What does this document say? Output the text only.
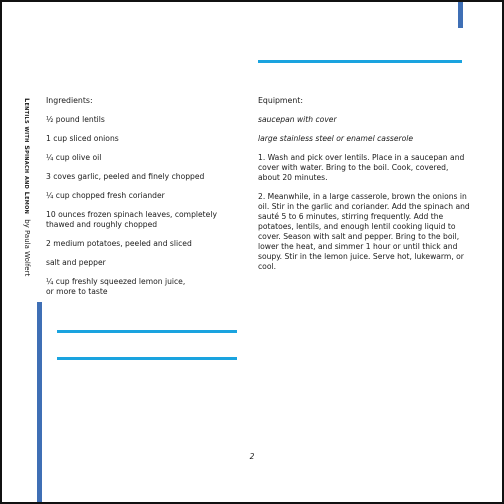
Lentils with Spinach and Lemon by Paula Wolfert
Ingredients:
½ pound lentils
1 cup sliced onions
¼ cup olive oil
3 coves garlic, peeled and finely chopped
¼ cup chopped fresh coriander
10 ounces frozen spinach leaves, completely thawed and roughly chopped
2 medium potatoes, peeled and sliced
salt and pepper
¼ cup freshly squeezed lemon juice, or more to taste
Equipment:
saucepan with cover
large stainless steel or enamel casserole
1. Wash and pick over lentils. Place in a saucepan and cover with water. Bring to the boil. Cook, covered, about 20 minutes.
2. Meanwhile, in a large casserole, brown the onions in oil. Stir in the garlic and coriander. Add the spinach and sauté 5 to 6 minutes, stirring frequently. Add the potatoes, lentils, and enough lentil cooking liquid to cover. Season with salt and pepper. Bring to the boil, lower the heat, and simmer 1 hour or until thick and soupy. Stir in the lemon juice. Serve hot, lukewarm, or cool.
2
